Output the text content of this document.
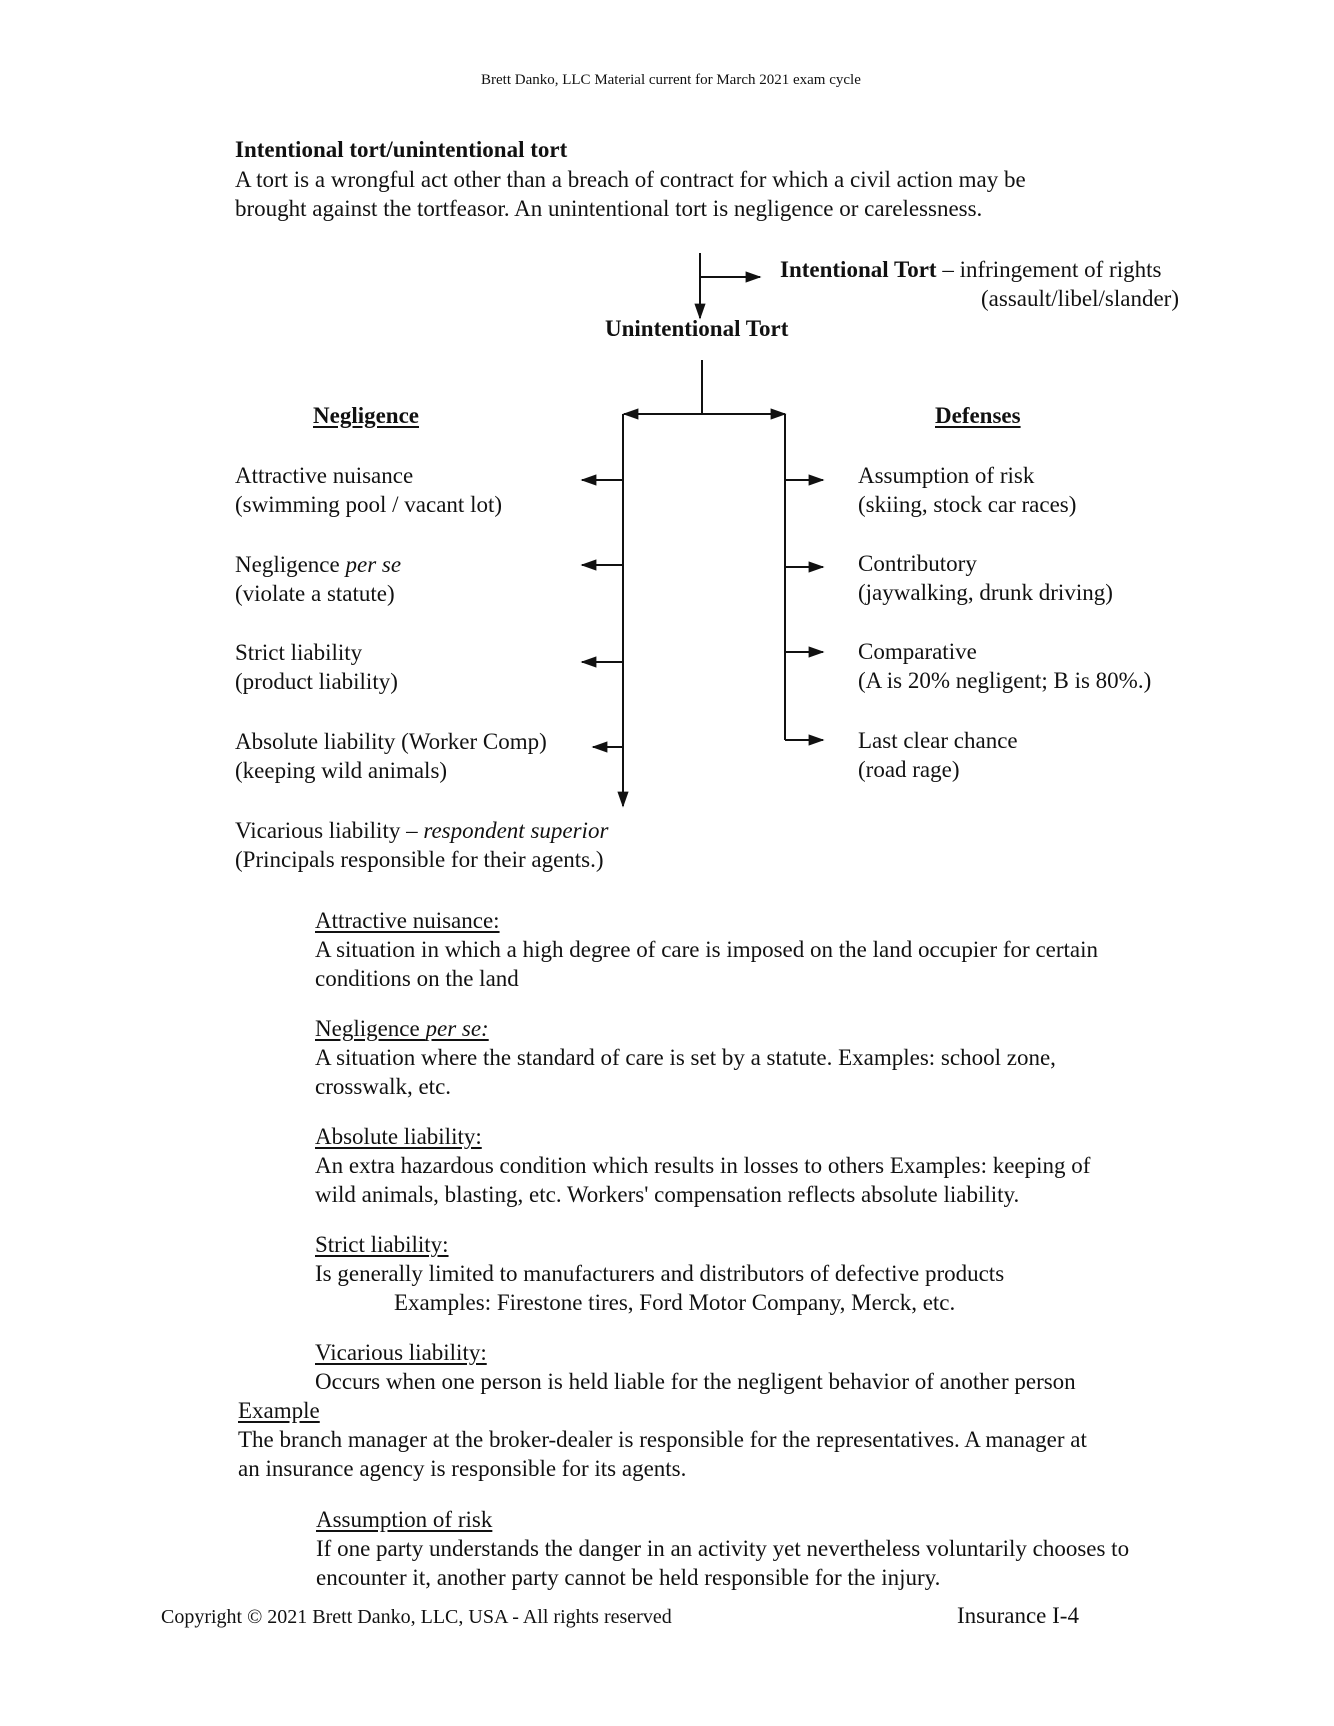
Brett Danko, LLC Material current for March 2021 exam cycle
Intentional tort/unintentional tort
A tort is a wrongful act other than a breach of contract for which a civil action may be
brought against the tortfeasor. An unintentional tort is negligence or carelessness.
Intentional Tort – infringement of rights
(assault/libel/slander)
Unintentional Tort
Negligence	Defenses

Attractive nuisance

(swimming pool / vacant lot)

Negligence per se

(violate a statute)

Strict liability

(product liability)

Absolute liability (Worker Comp)

(keeping wild animals)

Vicarious liability – respondent superior

(Principals responsible for their agents.)

Assumption of risk

(skiing, stock car races)

Contributory

(jaywalking, drunk driving)

Comparative

(A is 20% negligent; B is 80%.)

Last clear chance

(road rage)

Attractive nuisance:

A situation in which a high degree of care is imposed on the land occupier for certain

conditions on the land

Negligence per se:

A situation where the standard of care is set by a statute. Examples: school zone,

crosswalk, etc.

Absolute liability:

An extra hazardous condition which results in losses to others Examples: keeping of

wild animals, blasting, etc. Workers' compensation reflects absolute liability.

Strict liability:

Is generally limited to manufacturers and distributors of defective products

Examples: Firestone tires, Ford Motor Company, Merck, etc.

Vicarious liability:

Occurs when one person is held liable for the negligent behavior of another person

Example

The branch manager at the broker-dealer is responsible for the representatives. A manager at

an insurance agency is responsible for its agents.

Assumption of risk

If one party understands the danger in an activity yet nevertheless voluntarily chooses to

encounter it, another party cannot be held responsible for the injury.

Copyright © 2021 Brett Danko, LLC, USA - All rights reserved	Insurance I-4
